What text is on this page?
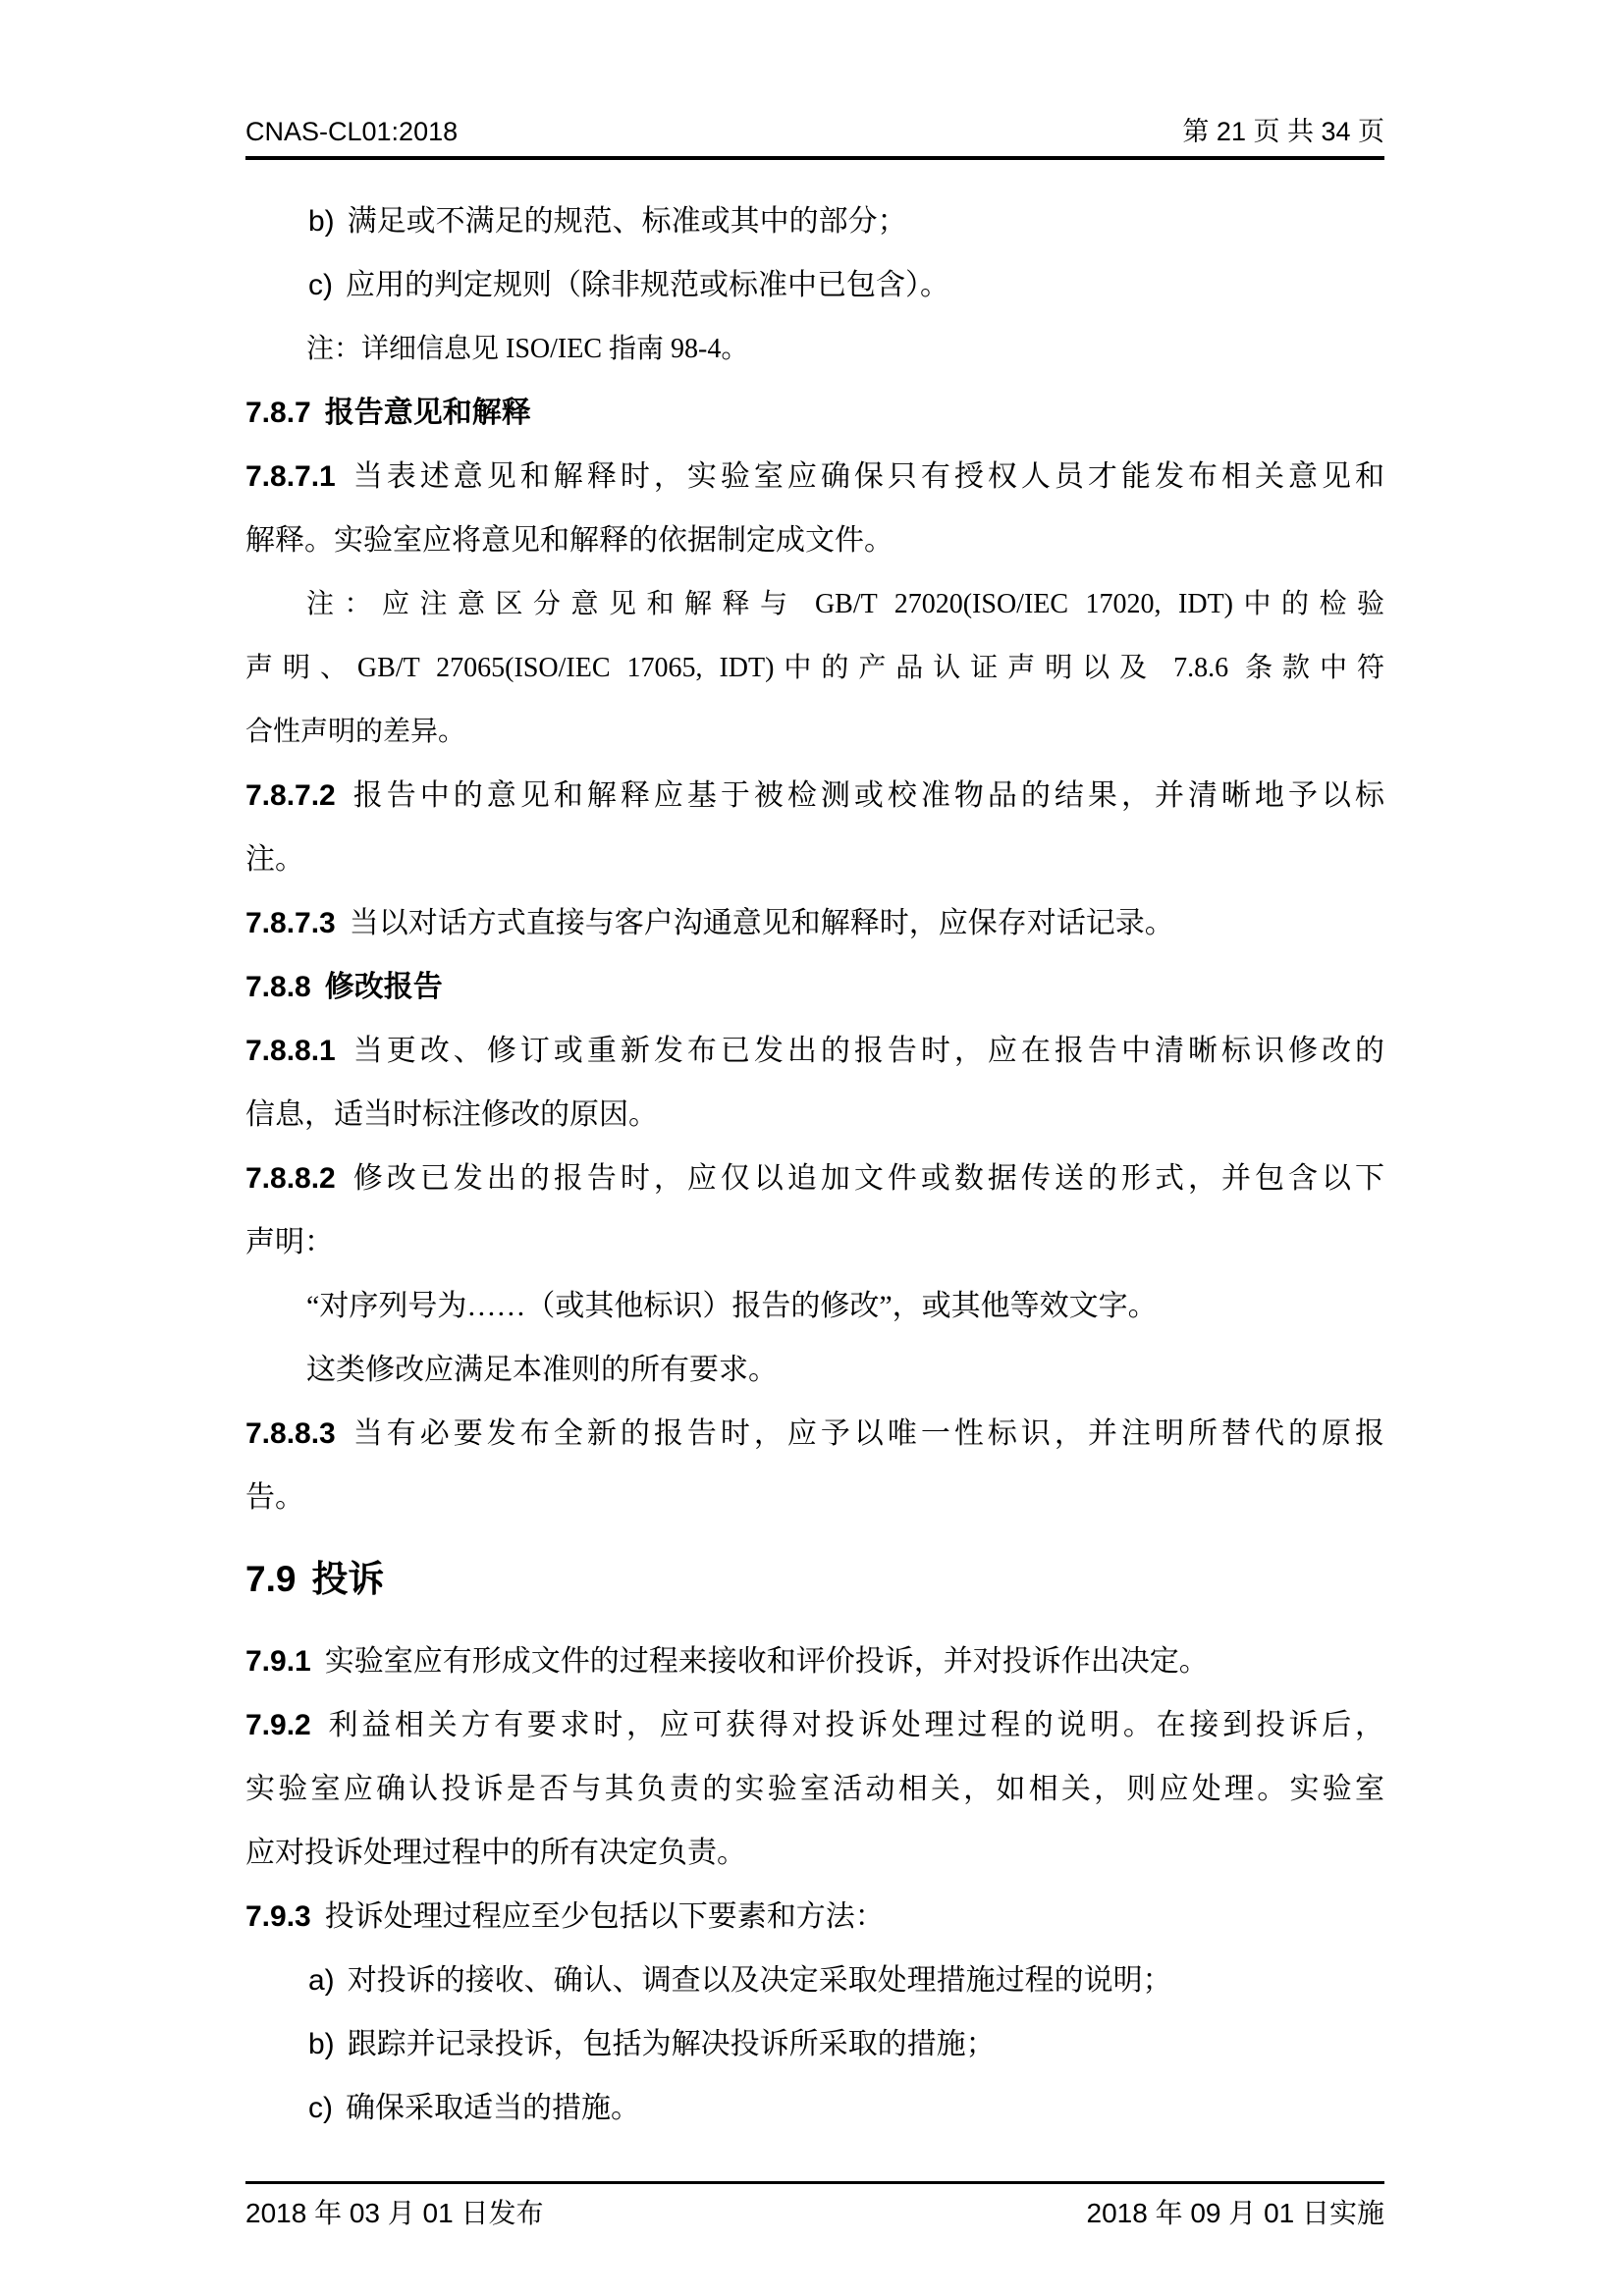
CNAS-CL01:2018	第 21 页 共 34 页
b) 满足或不满足的规范、标准或其中的部分；
c) 应用的判定规则（除非规范或标准中已包含）。
注：详细信息见 ISO/IEC 指南 98-4。
7.8.7 报告意见和解释
7.8.7.1 当表述意见和解释时，实验室应确保只有授权人员才能发布相关意见和
解释。实验室应将意见和解释的依据制定成文件。
注：应注意区分意见和解释与 GB/T 27020(ISO/IEC 17020, IDT)中的检验
声明、GB/T 27065(ISO/IEC 17065, IDT)中的产品认证声明以及 7.8.6 条款中符
合性声明的差异。
7.8.7.2 报告中的意见和解释应基于被检测或校准物品的结果，并清晰地予以标
注。
7.8.7.3 当以对话方式直接与客户沟通意见和解释时，应保存对话记录。
7.8.8 修改报告
7.8.8.1 当更改、修订或重新发布已发出的报告时，应在报告中清晰标识修改的
信息，适当时标注修改的原因。
7.8.8.2 修改已发出的报告时，应仅以追加文件或数据传送的形式，并包含以下
声明：
“对序列号为……（或其他标识）报告的修改”，或其他等效文字。
这类修改应满足本准则的所有要求。
7.8.8.3 当有必要发布全新的报告时，应予以唯一性标识，并注明所替代的原报
告。
7.9 投诉
7.9.1 实验室应有形成文件的过程来接收和评价投诉，并对投诉作出决定。
7.9.2 利益相关方有要求时，应可获得对投诉处理过程的说明。在接到投诉后，
实验室应确认投诉是否与其负责的实验室活动相关，如相关，则应处理。实验室
应对投诉处理过程中的所有决定负责。
7.9.3 投诉处理过程应至少包括以下要素和方法：
a) 对投诉的接收、确认、调查以及决定采取处理措施过程的说明；
b) 跟踪并记录投诉，包括为解决投诉所采取的措施；
c) 确保采取适当的措施。
2018 年 03 月 01 日发布	2018 年 09 月 01 日实施
